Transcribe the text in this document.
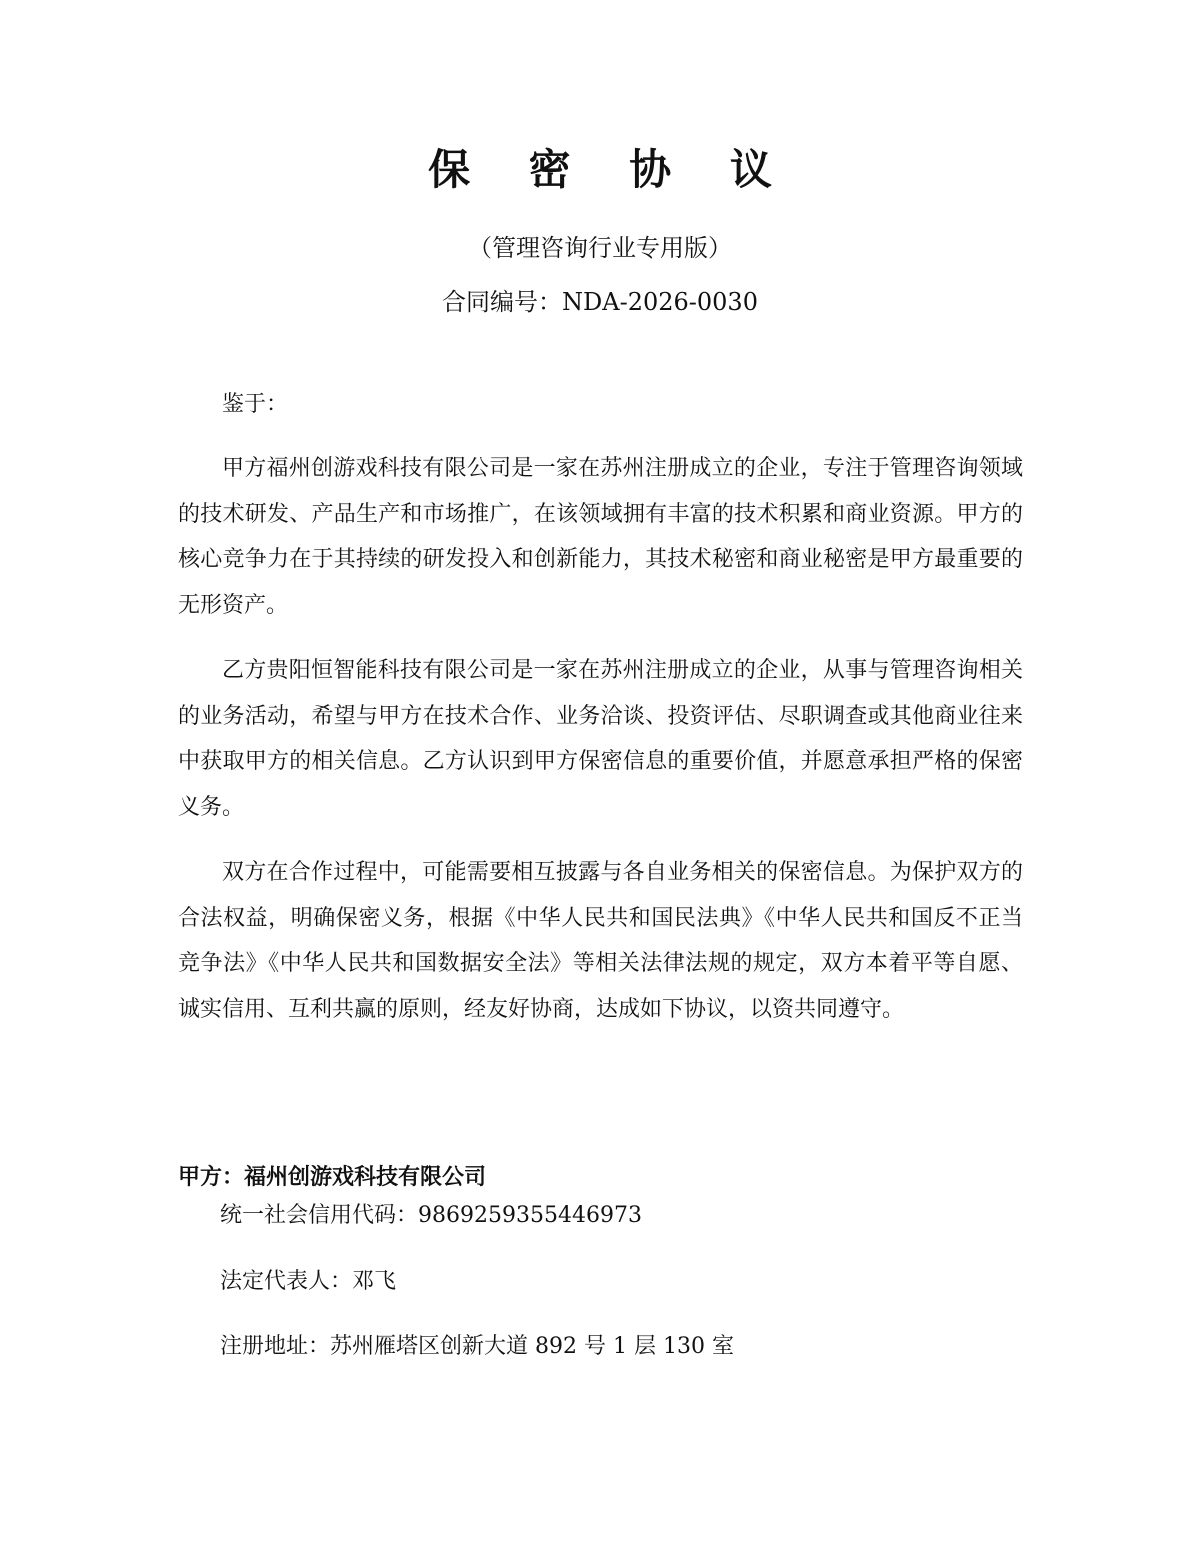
保 密 协 议
（管理咨询行业专用版）
合同编号：NDA-2026-0030
鉴于：

甲方福州创游戏科技有限公司是一家在苏州注册成立的企业，专注于管理咨询领域的技术研发、产品生产和市场推广，在该领域拥有丰富的技术积累和商业资源。甲方的核心竞争力在于其持续的研发投入和创新能力，其技术秘密和商业秘密是甲方最重要的无形资产。

乙方贵阳恒智能科技有限公司是一家在苏州注册成立的企业，从事与管理咨询相关的业务活动，希望与甲方在技术合作、业务洽谈、投资评估、尽职调查或其他商业往来中获取甲方的相关信息。乙方认识到甲方保密信息的重要价值，并愿意承担严格的保密义务。

双方在合作过程中，可能需要相互披露与各自业务相关的保密信息。为保护双方的合法权益，明确保密义务，根据《中华人民共和国民法典》《中华人民共和国反不正当竞争法》《中华人民共和国数据安全法》等相关法律法规的规定，双方本着平等自愿、诚实信用、互利共赢的原则，经友好协商，达成如下协议，以资共同遵守。

甲方：福州创游戏科技有限公司
统一社会信用代码：9869259355446973
法定代表人：邓飞
注册地址：苏州雁塔区创新大道 892 号 1 层 130 室
